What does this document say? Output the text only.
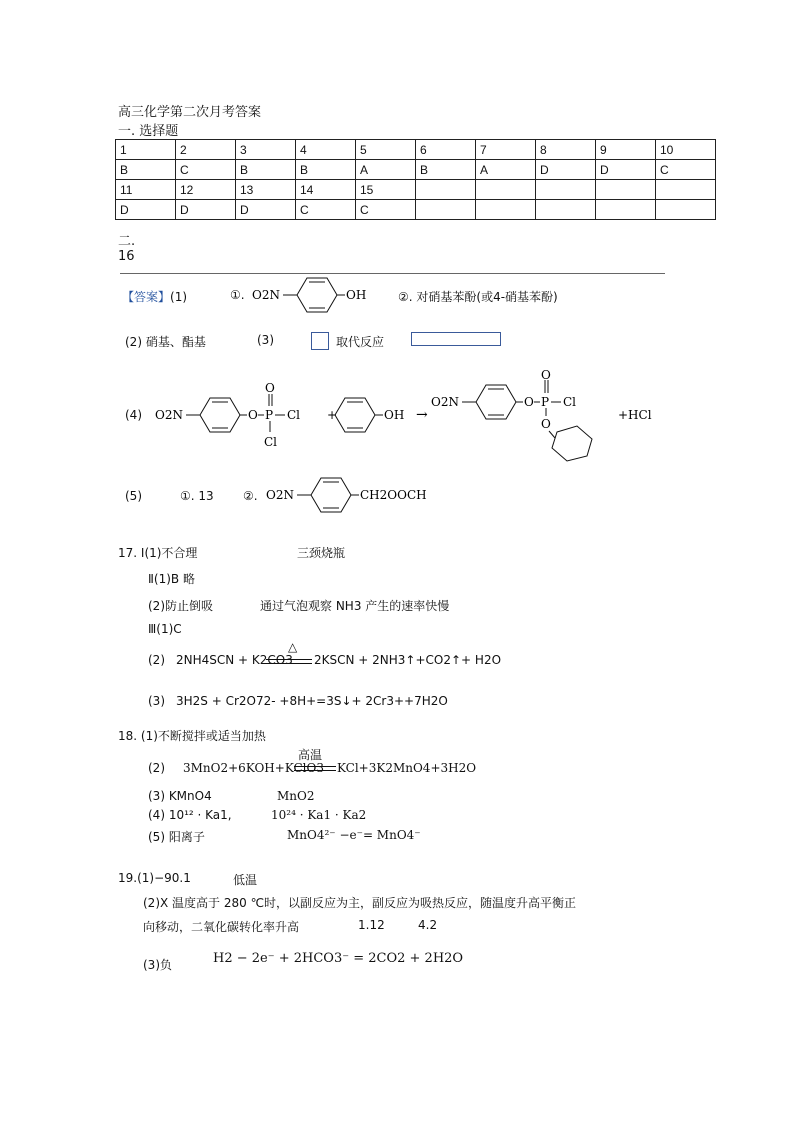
高三化学第二次月考答案
一. 选择题
1	2	3	4	5	6	7	8	9	10
B	C	B	B	A	B	A	D	D	C
11	12	13	14	15					
D	D	D	C	C					
二.
16
【答案】(1)	①. O2N	OH	②. 对硝基苯酚(或4-硝基苯酚)
(2) 硝基、酯基	(3)	取代反应
(4) O2N	O P
O
Cl
Cl
+	OH →
O2N	O P
O
Cl
O
+HCl
(5)	①. 13 ②. O2N	CH2OOCH
17. Ⅰ(1)不合理	三颈烧瓶
Ⅱ(1)B 略
(2)防止倒吸	通过气泡观察 NH3 产生的速率快慢
Ⅲ(1)C
(2) 2NH4SCN + K2CO3
△
2KSCN + 2NH3↑+CO2↑+ H2O
(3) 3H2S + Cr2O72- +8H+=3S↓+ 2Cr3++7H2O
18. (1)不断搅拌或适当加热
(2) 3MnO2+6KOH+KClO3
高温
KCl+3K2MnO4+3H2O
(3) KMnO4	MnO2
(4) 10¹² · Ka1,	10²⁴ · Ka1 · Ka2
(5) 阳离子	MnO4²⁻ −e⁻= MnO4⁻
19.(1)−90.1	低温
(2)X 温度高于 280 ℃时，以副反应为主，副反应为吸热反应，随温度升高平衡正
向移动，二氧化碳转化率升高	1.12	4.2
(3)负	H2 − 2e⁻ + 2HCO3⁻ = 2CO2 + 2H2O
